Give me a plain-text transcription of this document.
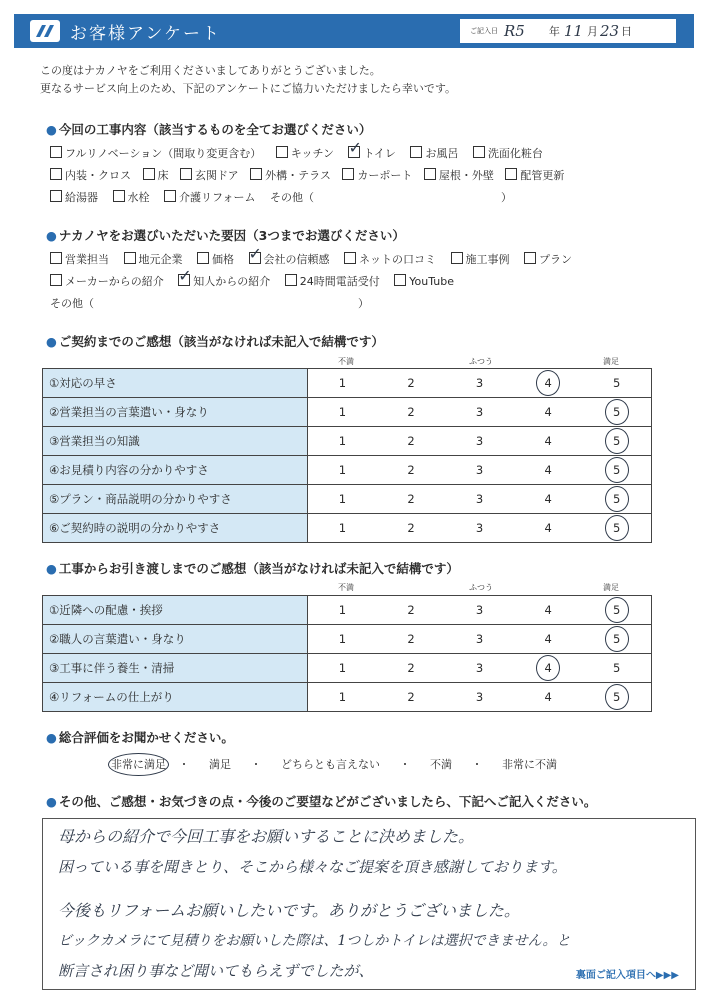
お客様アンケート	ご記入日 R5 年 11 月 23 日
この度はナカノヤをご利用くださいましてありがとうございました。
更なるサービス向上のため、下記のアンケートにご協力いただけましたら幸いです。
● 今回の工事内容（該当するものを全てお選びください）
フルリノベーション（間取り変更含む）	キッチン ✓	トイレ	お風呂	洗面化粧台
内装・クロス 床 玄関ドア 外構・テラス カーポート 屋根・外壁 配管更新
給湯器	水栓	介護リフォーム その他（　　　　　　　　　　　　　　　　　）
● ナカノヤをお選びいただいた要因（3つまでお選びください）
営業担当	地元企業	価格 ✓	会社の信頼感	ネットの口コミ	施工事例	プラン
メーカーからの紹介 ✓	知人からの紹介	24時間電話受付	YouTube
その他（　　　　　　　　　　　　　　　　　　　　　　　　）
● ご契約までのご感想（該当がなければ未記入で結構です）
不満	ふつう	満足
①対応の早さ	1	2	3	4	5
②営業担当の言葉遣い・身なり	1	2	3	4	5
③営業担当の知識	1	2	3	4	5
④お見積り内容の分かりやすさ	1	2	3	4	5
⑤プラン・商品説明の分かりやすさ	1	2	3	4	5
⑥ご契約時の説明の分かりやすさ	1	2	3	4	5
● 工事からお引き渡しまでのご感想（該当がなければ未記入で結構です）
不満	ふつう	満足
①近隣への配慮・挨拶	1	2	3	4	5
②職人の言葉遣い・身なり	1	2	3	4	5
③工事に伴う養生・清掃	1	2	3	4	5
④リフォームの仕上がり	1	2	3	4	5
● 総合評価をお聞かせください。
非常に満足 ・ 満足 ・ どちらとも言えない ・ 不満 ・ 非常に不満
● その他、ご感想・お気づきの点・今後のご要望などがございましたら、下記へご記入ください。
母からの紹介で今回工事をお願いすることに決めました。
困っている事を聞きとり、そこから様々なご提案を頂き感謝しております。
今後もリフォームお願いしたいです。ありがとうございました。
ビックカメラにて見積りをお願いした際は、1つしかトイレは選択できません。と
断言され困り事など聞いてもらえずでしたが、	裏面ご記入項目へ▶▶▶
